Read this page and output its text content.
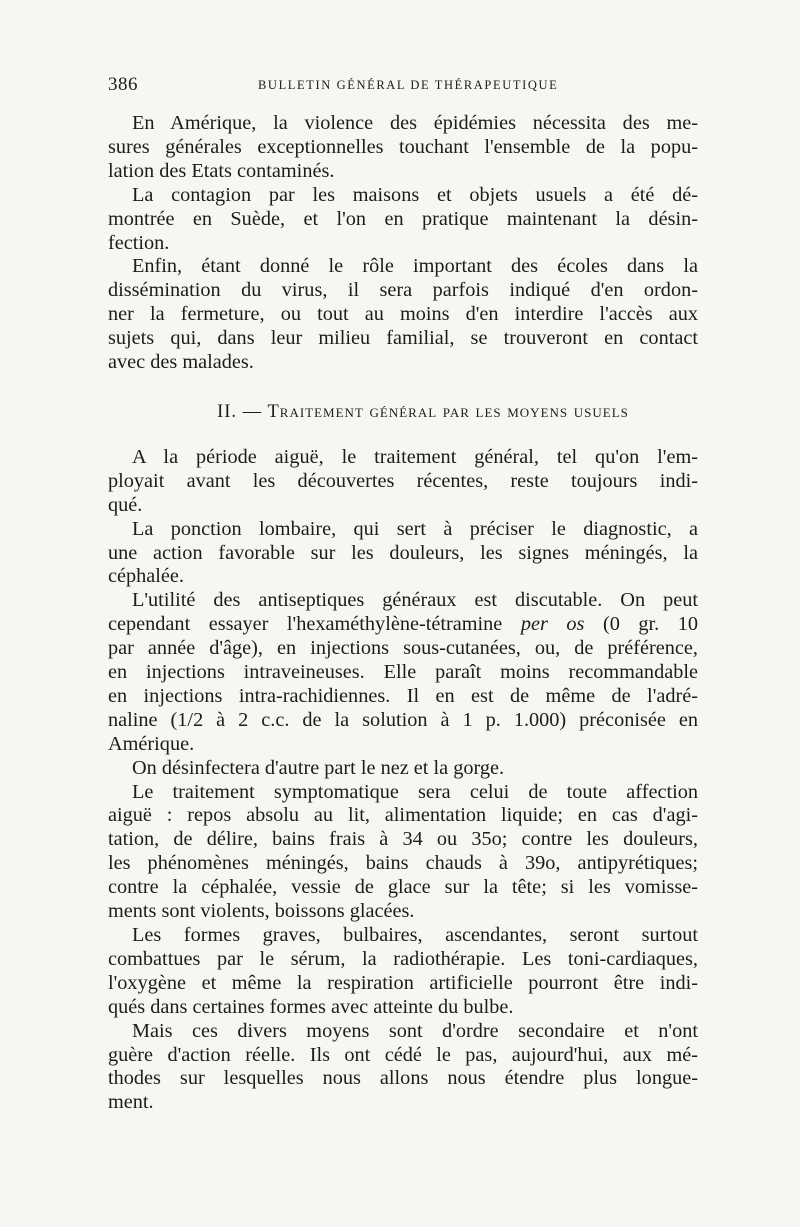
386	BULLETIN GÉNÉRAL DE THÉRAPEUTIQUE

En Amérique, la violence des épidémies nécessita des me-
sures générales exceptionnelles touchant l'ensemble de la popu-
lation des Etats contaminés.

La contagion par les maisons et objets usuels a été dé-
montrée en Suède, et l'on en pratique maintenant la désin-
fection.

Enfin, étant donné le rôle important des écoles dans la
dissémination du virus, il sera parfois indiqué d'en ordon-
ner la fermeture, ou tout au moins d'en interdire l'accès aux
sujets qui, dans leur milieu familial, se trouveront en contact
avec des malades.

II. — Traitement général par les moyens usuels

A la période aiguë, le traitement général, tel qu'on l'em-
ployait avant les découvertes récentes, reste toujours indi-
qué.

La ponction lombaire, qui sert à préciser le diagnostic, a
une action favorable sur les douleurs, les signes méningés, la
céphalée.

L'utilité des antiseptiques généraux est discutable. On peut
cependant essayer l'hexaméthylène-tétramine per os (0 gr. 10
par année d'âge), en injections sous-cutanées, ou, de préférence,
en injections intraveineuses. Elle paraît moins recommandable
en injections intra-rachidiennes. Il en est de même de l'adré-
naline (1/2 à 2 c.c. de la solution à 1 p. 1.000) préconisée en
Amérique.

On désinfectera d'autre part le nez et la gorge.

Le traitement symptomatique sera celui de toute affection
aiguë : repos absolu au lit, alimentation liquide; en cas d'agi-
tation, de délire, bains frais à 34 ou 35o; contre les douleurs,
les phénomènes méningés, bains chauds à 39o, antipyrétiques;
contre la céphalée, vessie de glace sur la tête; si les vomisse-
ments sont violents, boissons glacées.

Les formes graves, bulbaires, ascendantes, seront surtout
combattues par le sérum, la radiothérapie. Les toni-cardiaques,
l'oxygène et même la respiration artificielle pourront être indi-
qués dans certaines formes avec atteinte du bulbe.

Mais ces divers moyens sont d'ordre secondaire et n'ont
guère d'action réelle. Ils ont cédé le pas, aujourd'hui, aux mé-
thodes sur lesquelles nous allons nous étendre plus longue-
ment.
